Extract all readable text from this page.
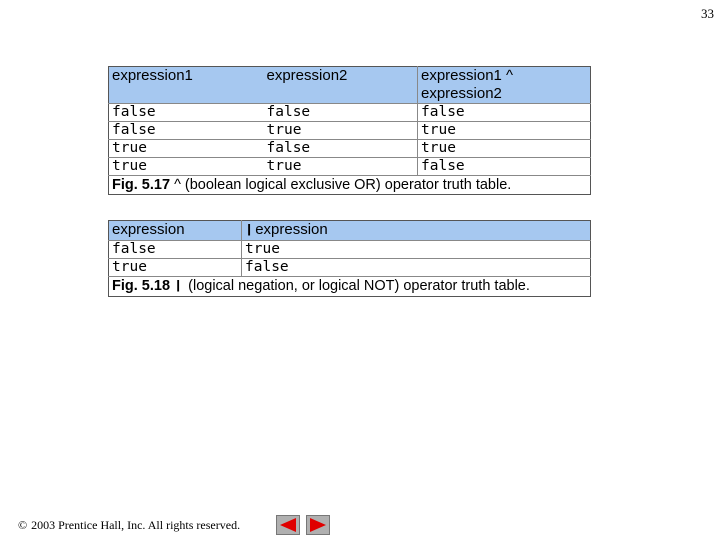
33
expression1	expression2	expression1 ^ expression2
false	false	false
false	true	true
true	false	true
true	true	false
Fig. 5.17 ^ (boolean logical exclusive OR) operator truth table.		
expression	| expression
false	true
true	false
Fig. 5.18 | (logical negation, or logical NOT) operator truth table.	
© 2003 Prentice Hall, Inc. All rights reserved.
